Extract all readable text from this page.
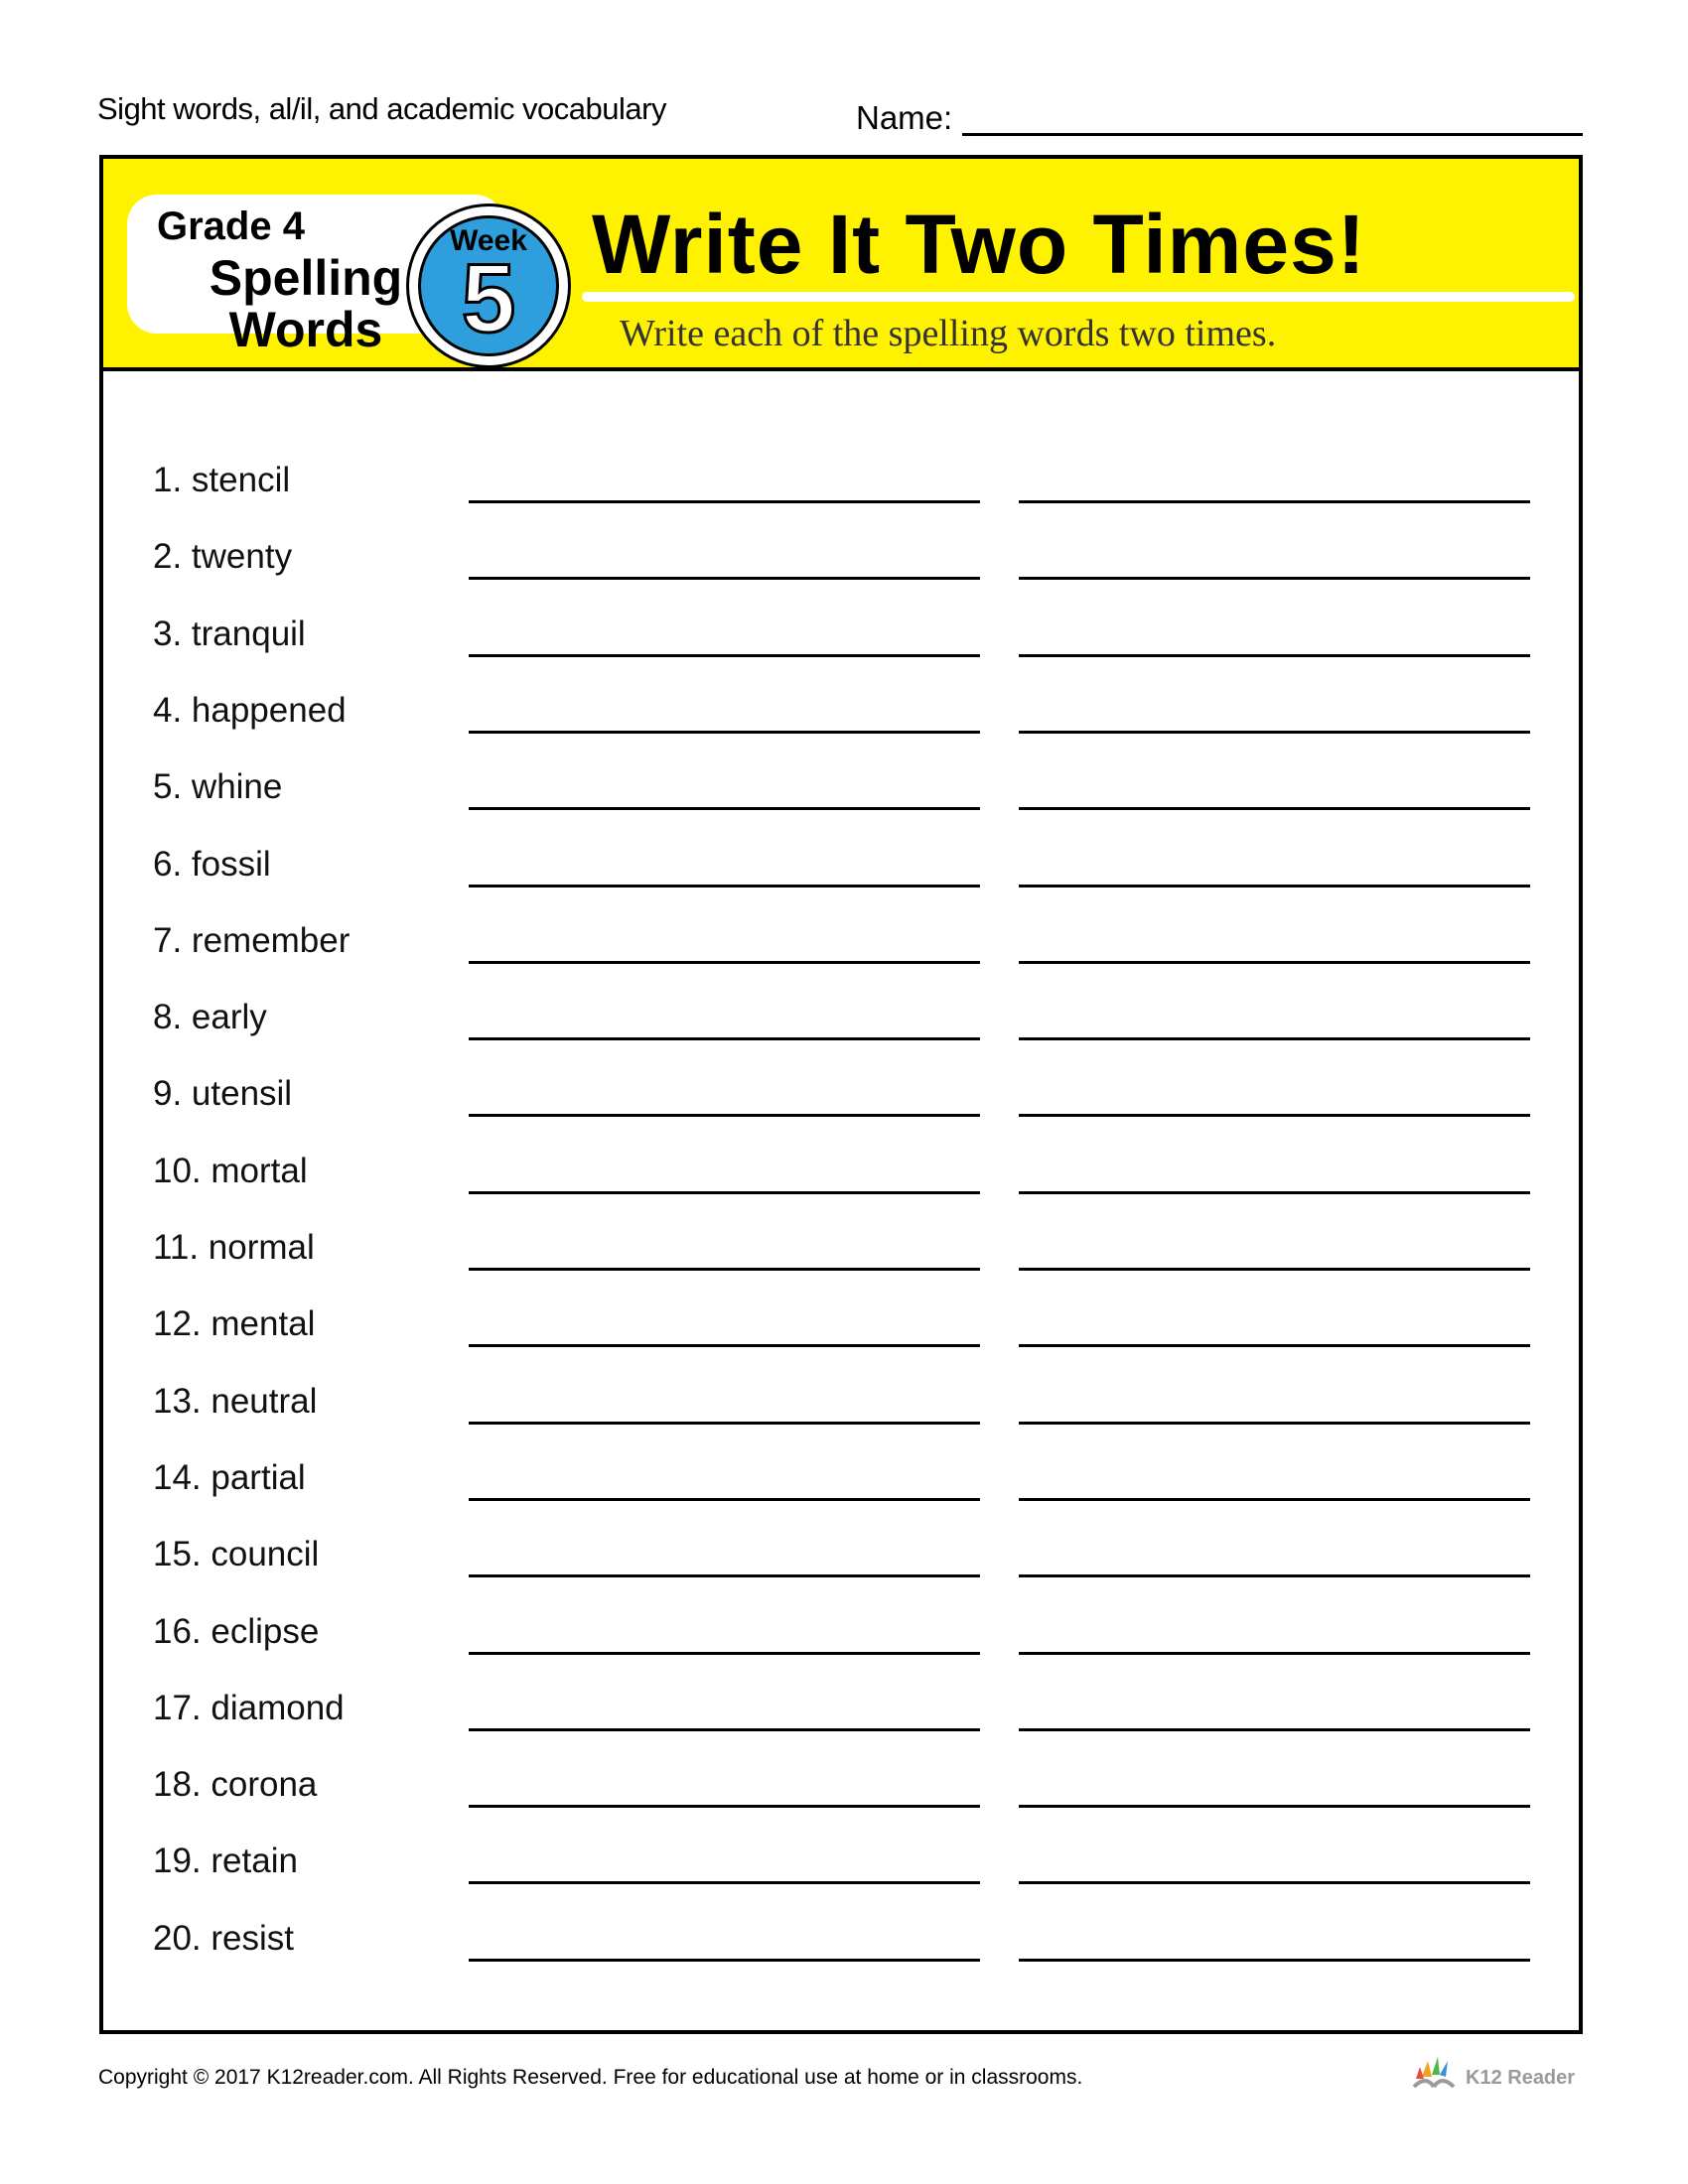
Sight words, al/il, and academic vocabulary	Name:
Grade 4
Spelling
Words
Week
5 Write It Two Times!
Write each of the spelling words two times.
1. stencil
2. twenty
3. tranquil
4. happened
5. whine
6. fossil
7. remember
8. early
9. utensil
10. mortal
11. normal
12. mental
13. neutral
14. partial
15. council
16. eclipse
17. diamond
18. corona
19. retain
20. resist
Copyright © 2017 K12reader.com. All Rights Reserved. Free for educational use at home or in classrooms.	K12 Reader
